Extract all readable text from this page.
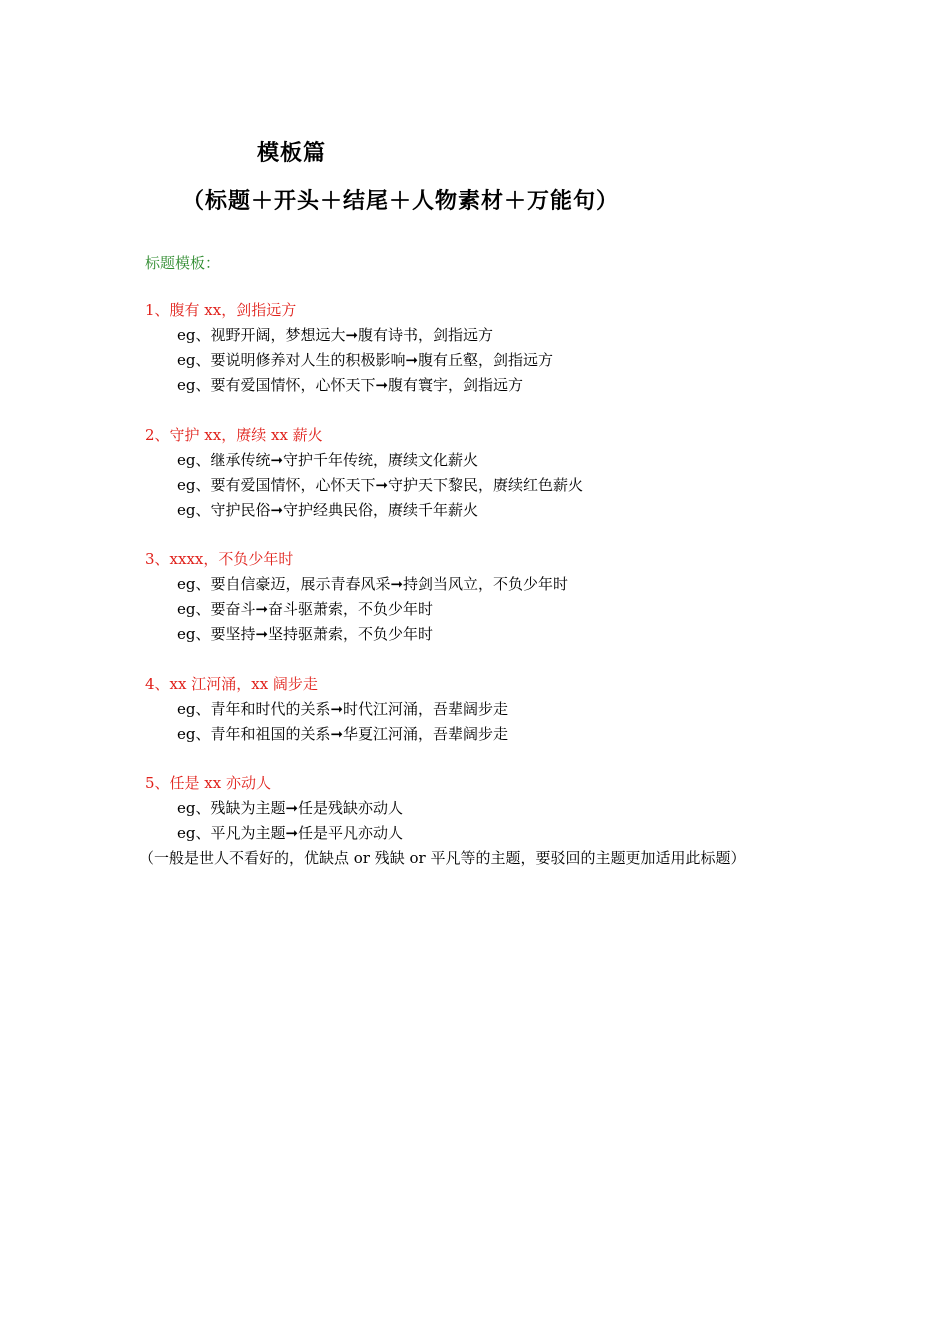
模板篇
（标题＋开头＋结尾＋人物素材＋万能句）
标题模板：
1、腹有 xx，剑指远方
eg、视野开阔，梦想远大➞腹有诗书，剑指远方
eg、要说明修养对人生的积极影响➞腹有丘壑，剑指远方
eg、要有爱国情怀，心怀天下➞腹有寰宇，剑指远方
2、守护 xx，赓续 xx 薪火
eg、继承传统➞守护千年传统，赓续文化薪火
eg、要有爱国情怀，心怀天下➞守护天下黎民，赓续红色薪火
eg、守护民俗➞守护经典民俗，赓续千年薪火
3、xxxx，不负少年时
eg、要自信豪迈，展示青春风采➞持剑当风立，不负少年时
eg、要奋斗➞奋斗驱萧索，不负少年时
eg、要坚持➞坚持驱萧索，不负少年时
4、xx 江河涌，xx 阔步走
eg、青年和时代的关系➞时代江河涌，吾辈阔步走
eg、青年和祖国的关系➞华夏江河涌，吾辈阔步走
5、任是 xx 亦动人
eg、残缺为主题➞任是残缺亦动人
eg、平凡为主题➞任是平凡亦动人
（一般是世人不看好的，优缺点 or 残缺 or 平凡等的主题，要驳回的主题更加适用此标题）
